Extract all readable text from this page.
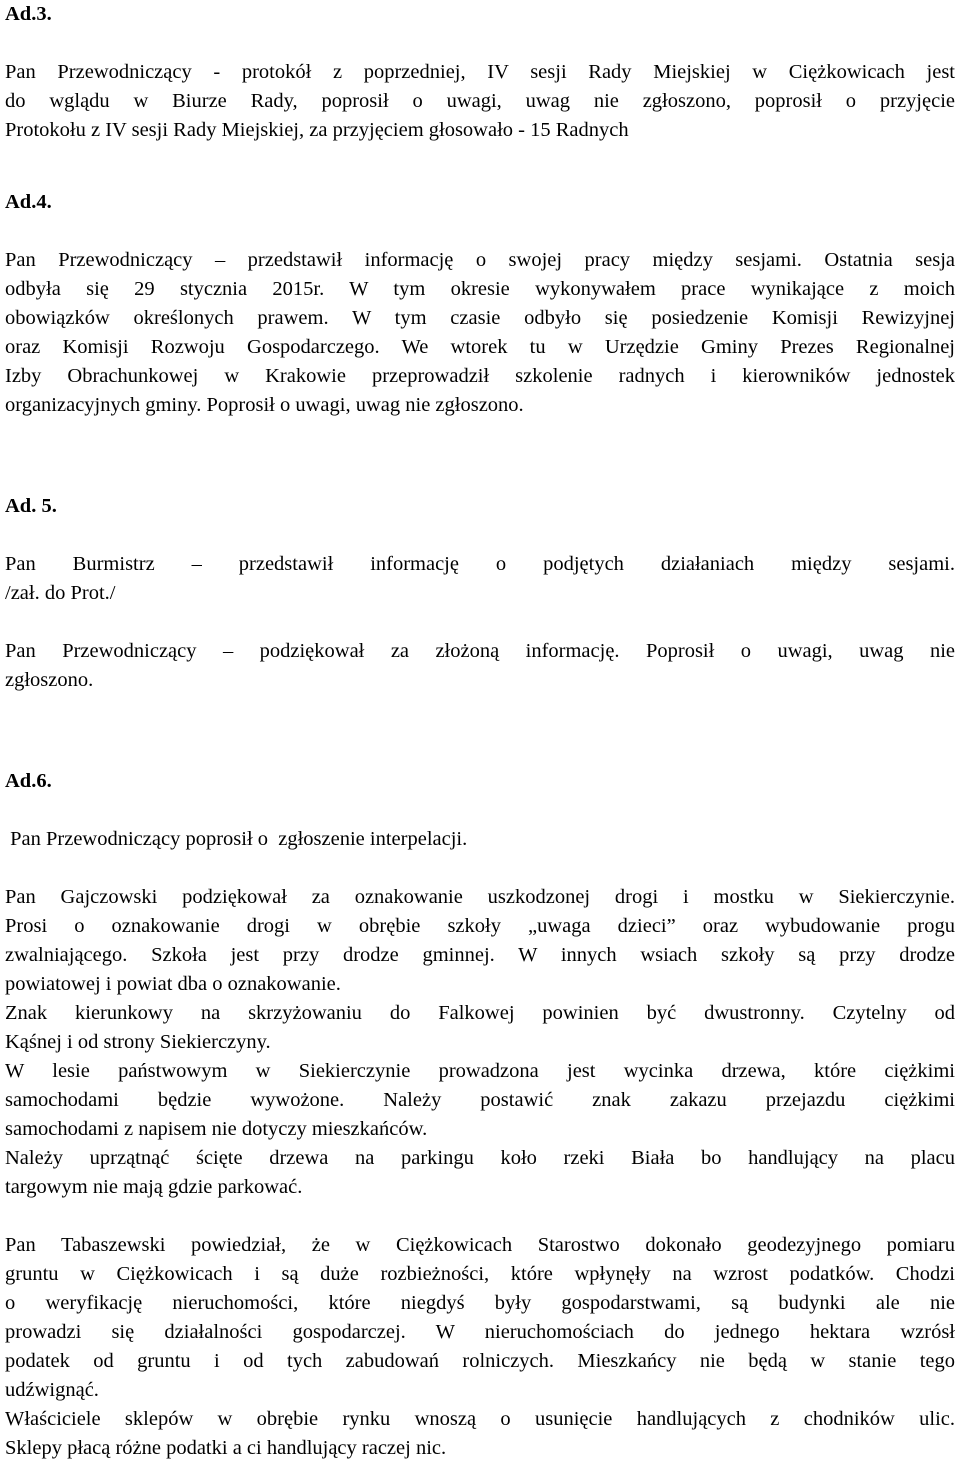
Ad.3.

Pan Przewodniczący - protokół z poprzedniej, IV sesji Rady Miejskiej w Ciężkowicach jest
do wglądu w Biurze Rady, poprosił o uwagi, uwag nie zgłoszono, poprosił o przyjęcie
Protokołu z IV sesji Rady Miejskiej, za przyjęciem głosowało - 15 Radnych

Ad.4.

Pan Przewodniczący – przedstawił informację o swojej pracy między sesjami. Ostatnia sesja
odbyła się 29 stycznia 2015r. W tym okresie wykonywałem prace wynikające z moich
obowiązków określonych prawem. W tym czasie odbyło się posiedzenie Komisji Rewizyjnej
oraz Komisji Rozwoju Gospodarczego. We wtorek tu w Urzędzie Gminy Prezes Regionalnej
Izby Obrachunkowej w Krakowie przeprowadził szkolenie radnych i kierowników jednostek
organizacyjnych gminy. Poprosił o uwagi, uwag nie zgłoszono.

Ad. 5.

Pan Burmistrz – przedstawił informację o podjętych działaniach między sesjami.
/zał. do Prot./

Pan Przewodniczący – podziękował za złożoną informację. Poprosił o uwagi, uwag nie
zgłoszono.

Ad.6.

Pan Przewodniczący poprosił o  zgłoszenie interpelacji.

Pan Gajczowski podziękował za oznakowanie uszkodzonej drogi i mostku w Siekierczynie.
Prosi o oznakowanie drogi w obrębie szkoły „uwaga dzieci” oraz wybudowanie progu
zwalniającego. Szkoła jest przy drodze gminnej. W innych wsiach szkoły są przy drodze
powiatowej i powiat dba o oznakowanie.
Znak kierunkowy na skrzyżowaniu do Falkowej powinien być dwustronny. Czytelny od
Kąśnej i od strony Siekierczyny.
W lesie państwowym w Siekierczynie prowadzona jest wycinka drzewa, które ciężkimi
samochodami będzie wywożone. Należy postawić znak zakazu przejazdu ciężkimi
samochodami z napisem nie dotyczy mieszkańców.
Należy uprzątnąć ścięte drzewa na parkingu koło rzeki Biała bo handlujący na placu
targowym nie mają gdzie parkować.

Pan Tabaszewski powiedział, że w Ciężkowicach Starostwo dokonało geodezyjnego pomiaru
gruntu w Ciężkowicach i są duże rozbieżności, które wpłynęły na wzrost podatków. Chodzi
o weryfikację nieruchomości, które niegdyś były gospodarstwami, są budynki ale nie
prowadzi się działalności gospodarczej. W nieruchomościach do jednego hektara wzrósł
podatek od gruntu i od tych zabudowań rolniczych. Mieszkańcy nie będą w stanie tego
udźwignąć.
Właściciele sklepów w obrębie rynku wnoszą o usunięcie handlujących z chodników ulic.
Sklepy płacą różne podatki a ci handlujący raczej nic.
